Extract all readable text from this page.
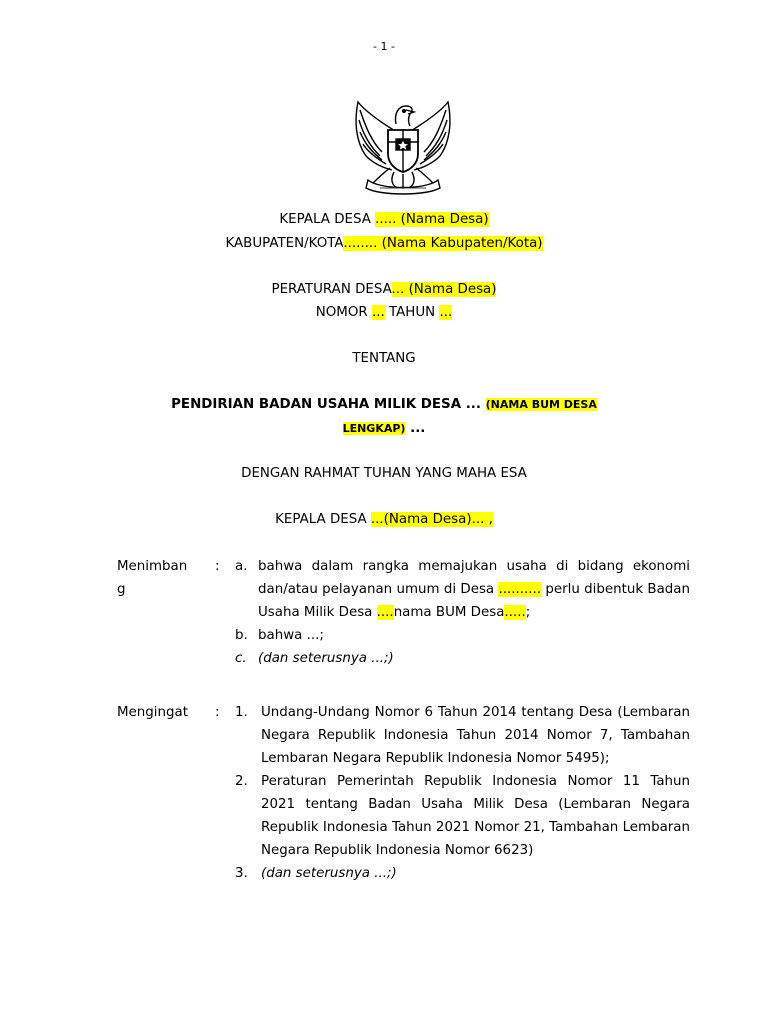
- 1 -
KEPALA DESA ..... (Nama Desa)
KABUPATEN/KOTA........ (Nama Kabupaten/Kota)
PERATURAN DESA... (Nama Desa)
NOMOR ... TAHUN ...
TENTANG
PENDIRIAN BADAN USAHA MILIK DESA ... (NAMA BUM DESA
LENGKAP) ...
DENGAN RAHMAT TUHAN YANG MAHA ESA
KEPALA DESA ...(Nama Desa)... ,
Menimban
g
: a. bahwa dalam rangka memajukan usaha di bidang ekonomi dan/atau pelayanan umum di Desa .......... perlu dibentuk Badan Usaha Milik Desa ....nama BUM Desa.....;
b. bahwa ...;
c. (dan seterusnya ...;)
Mengingat	: 1. Undang-Undang Nomor 6 Tahun 2014 tentang Desa (Lembaran Negara Republik Indonesia Tahun 2014 Nomor 7, Tambahan Lembaran Negara Republik Indonesia Nomor 5495);
2. Peraturan Pemerintah Republik Indonesia Nomor 11 Tahun 2021 tentang Badan Usaha Milik Desa (Lembaran Negara Republik Indonesia Tahun 2021 Nomor 21, Tambahan Lembaran Negara Republik Indonesia Nomor 6623)
3. (dan seterusnya ...;)
